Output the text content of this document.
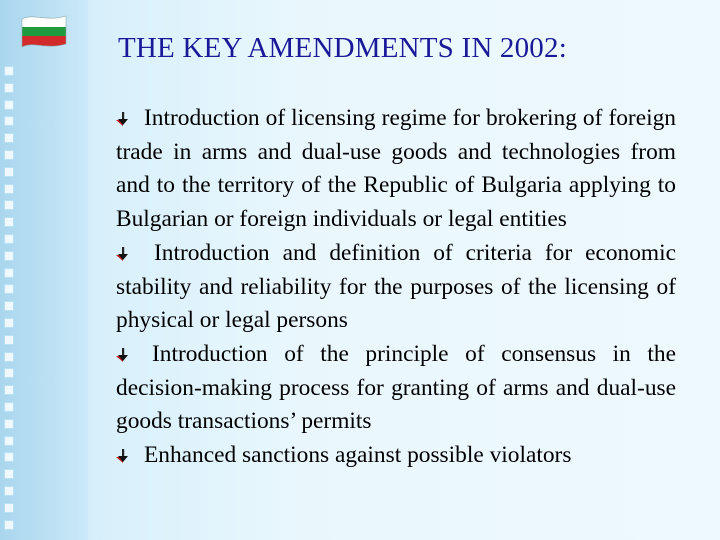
THE KEY AMENDMENTS IN 2002:

Introduction of licensing regime for brokering of foreign trade in arms and dual-use goods and technologies from and to the territory of the Republic of Bulgaria applying to Bulgarian or foreign individuals or legal entities

Introduction and definition of criteria for economic stability and reliability for the purposes of the licensing of physical or legal persons

Introduction of the principle of consensus in the decision-making process for granting of arms and dual-use goods transactions’ permits

Enhanced sanctions against possible violators
